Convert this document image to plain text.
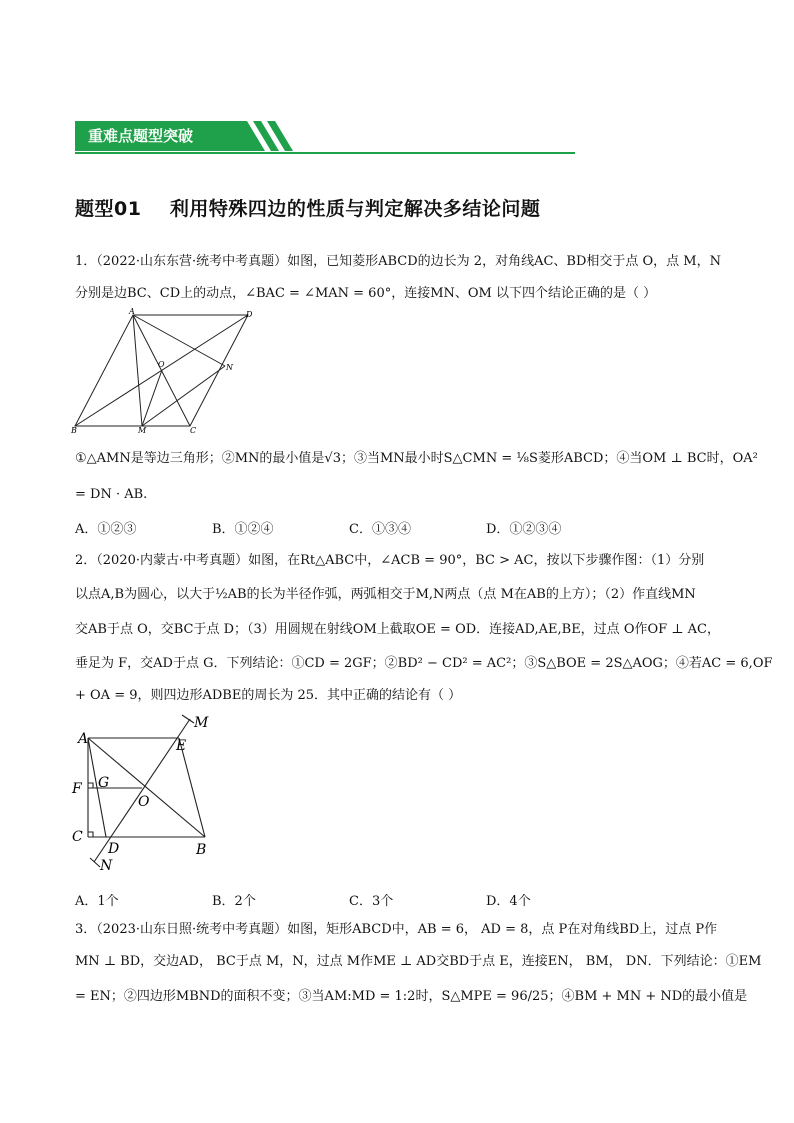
重难点题型突破
题型01    利用特殊四边的性质与判定解决多结论问题
1．（2022·山东东营·统考中考真题）如图，已知菱形ABCD的边长为 2，对角线AC、BD相交于点 O，点 M，N
分别是边BC、CD上的动点，∠BAC = ∠MAN = 60°，连接MN、OM 以下四个结论正确的是（ ）
A	D
B	M	C
N
O
①△AMN是等边三角形；②MN的最小值是√3；③当MN最小时S△CMN = ⅛S菱形ABCD；④当OM ⊥ BC时，OA²
= DN · AB.
A．①②③	B．①②④	C．①③④	D．①②③④
2．（2020·内蒙古·中考真题）如图，在Rt△ABC中，∠ACB = 90°，BC > AC，按以下步骤作图：（1）分别
以点A,B为圆心，以大于½AB的长为半径作弧，两弧相交于M,N两点（点 M在AB的上方）；（2）作直线MN
交AB于点 O，交BC于点 D；（3）用圆规在射线OM上截取OE = OD．连接AD,AE,BE，过点 O作OF ⊥ AC，
垂足为 F，交AD于点 G．下列结论：①CD = 2GF；②BD² − CD² = AC²；③S△BOE = 2S△AOG；④若AC = 6,OF
+ OA = 9，则四边形ADBE的周长为 25．其中正确的结论有（ ）
A	E
M
F G
O
C
D	B
N
A．1个	B．2个	C．3个	D．4个
3．（2023·山东日照·统考中考真题）如图，矩形ABCD中，AB = 6， AD = 8，点 P在对角线BD上，过点 P作
MN ⊥ BD，交边AD， BC于点 M，N，过点 M作ME ⊥ AD交BD于点 E，连接EN， BM， DN．下列结论：①EM
= EN；②四边形MBND的面积不变；③当AM:MD = 1:2时，S△MPE = 96/25；④BM + MN + ND的最小值是
